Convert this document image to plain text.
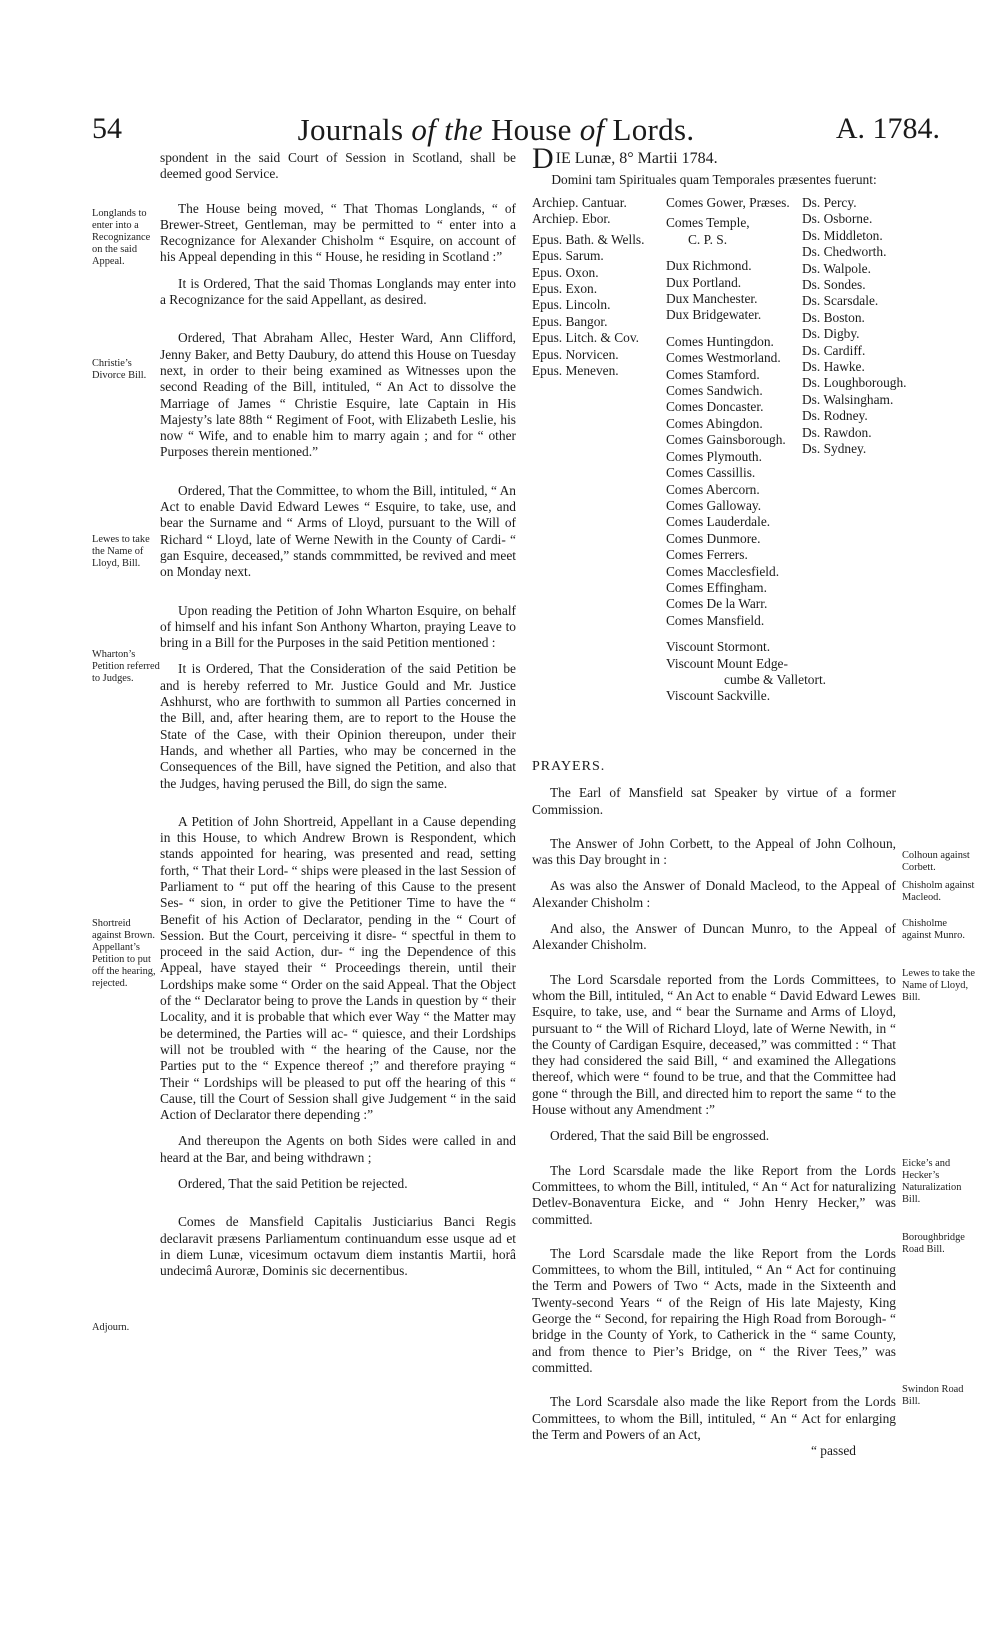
54	Journals of the House of Lords.	A. 1784.
Longlands to enter into a Recognizance on the said Appeal.
Christie’s Divorce Bill.
Lewes to take the Name of Lloyd, Bill.
Wharton’s Petition referred to Judges.
Shortreid against Brown. Appellant’s Petition to put off the hearing, rejected.
Adjourn.

spondent in the said Court of Session in Scotland, shall be deemed good Service.

The House being moved, “ That Thomas Longlands, “ of Brewer-Street, Gentleman, may be permitted to “ enter into a Recognizance for Alexander Chisholm “ Esquire, on account of his Appeal depending in this “ House, he residing in Scotland :”

It is Ordered, That the said Thomas Longlands may enter into a Recognizance for the said Appellant, as desired.

Ordered, That Abraham Allec, Hester Ward, Ann Clifford, Jenny Baker, and Betty Daubury, do attend this House on Tuesday next, in order to their being examined as Witnesses upon the second Reading of the Bill, intituled, “ An Act to dissolve the Marriage of James “ Christie Esquire, late Captain in His Majesty’s late 88th “ Regiment of Foot, with Elizabeth Leslie, his now “ Wife, and to enable him to marry again ; and for “ other Purposes therein mentioned.”

Ordered, That the Committee, to whom the Bill, intituled, “ An Act to enable David Edward Lewes “ Esquire, to take, use, and bear the Surname and “ Arms of Lloyd, pursuant to the Will of Richard “ Lloyd, late of Werne Newith in the County of Cardi- “ gan Esquire, deceased,” stands commmitted, be revived and meet on Monday next.

Upon reading the Petition of John Wharton Esquire, on behalf of himself and his infant Son Anthony Wharton, praying Leave to bring in a Bill for the Purposes in the said Petition mentioned :

It is Ordered, That the Consideration of the said Petition be and is hereby referred to Mr. Justice Gould and Mr. Justice Ashhurst, who are forthwith to summon all Parties concerned in the Bill, and, after hearing them, are to report to the House the State of the Case, with their Opinion thereupon, under their Hands, and whether all Parties, who may be concerned in the Consequences of the Bill, have signed the Petition, and also that the Judges, having perused the Bill, do sign the same.

A Petition of John Shortreid, Appellant in a Cause depending in this House, to which Andrew Brown is Respondent, which stands appointed for hearing, was presented and read, setting forth, “ That their Lord- “ ships were pleased in the last Session of Parliament to “ put off the hearing of this Cause to the present Ses- “ sion, in order to give the Petitioner Time to have the “ Benefit of his Action of Declarator, pending in the “ Court of Session. But the Court, perceiving it disre- “ spectful in them to proceed in the said Action, dur- “ ing the Dependence of this Appeal, have stayed their “ Proceedings therein, until their Lordships make some “ Order on the said Appeal. That the Object of the “ Declarator being to prove the Lands in question by “ their Locality, and it is probable that which ever Way “ the Matter may be determined, the Parties will ac- “ quiesce, and their Lordships will not be troubled with “ the hearing of the Cause, nor the Parties put to the “ Expence thereof ;” and therefore praying “ Their “ Lordships will be pleased to put off the hearing of this “ Cause, till the Court of Session shall give Judgement “ in the said Action of Declarator there depending :”

And thereupon the Agents on both Sides were called in and heard at the Bar, and being withdrawn ;

Ordered, That the said Petition be rejected.

Comes de Mansfield Capitalis Justiciarius Banci Regis declaravit præsens Parliamentum continuandum esse usque ad et in diem Lunæ, vicesimum octavum diem instantis Martii, horâ undecimâ Auroræ, Dominis sic decernentibus.

DIE Lunæ, 8° Martii 1784.
Domini tam Spirituales quam Temporales præsentes fuerunt:
Archiep. Cantuar.
Archiep. Ebor.
Epus. Bath. & Wells.
Epus. Sarum.
Epus. Oxon.
Epus. Exon.
Epus. Lincoln.
Epus. Bangor.
Epus. Litch. & Cov.
Epus. Norvicen.
Epus. Meneven.
Comes Gower, Præses.
Comes Temple,
C. P. S.
Dux Richmond.
Dux Portland.
Dux Manchester.
Dux Bridgewater.
Comes Huntingdon.
Comes Westmorland.
Comes Stamford.
Comes Sandwich.
Comes Doncaster.
Comes Abingdon.
Comes Gainsborough.
Comes Plymouth.
Comes Cassillis.
Comes Abercorn.
Comes Galloway.
Comes Lauderdale.
Comes Dunmore.
Comes Ferrers.
Comes Macclesfield.
Comes Effingham.
Comes De la Warr.
Comes Mansfield.
Viscount Stormont.
Viscount Mount Edge-
cumbe & Valletort.
Viscount Sackville.
Ds. Percy.
Ds. Osborne.
Ds. Middleton.
Ds. Chedworth.
Ds. Walpole.
Ds. Sondes.
Ds. Scarsdale.
Ds. Boston.
Ds. Digby.
Ds. Cardiff.
Ds. Hawke.
Ds. Loughborough.
Ds. Walsingham.
Ds. Rodney.
Ds. Rawdon.
Ds. Sydney.
PRAYERS.

The Earl of Mansfield sat Speaker by virtue of a former Commission.

The Answer of John Corbett, to the Appeal of John Colhoun, was this Day brought in :

As was also the Answer of Donald Macleod, to the Appeal of Alexander Chisholm :

And also, the Answer of Duncan Munro, to the Appeal of Alexander Chisholm.

The Lord Scarsdale reported from the Lords Committees, to whom the Bill, intituled, “ An Act to enable “ David Edward Lewes Esquire, to take, use, and “ bear the Surname and Arms of Lloyd, pursuant to “ the Will of Richard Lloyd, late of Werne Newith, in “ the County of Cardigan Esquire, deceased,” was committed : “ That they had considered the said Bill, “ and examined the Allegations thereof, which were “ found to be true, and that the Committee had gone “ through the Bill, and directed him to report the same “ to the House without any Amendment :”

Ordered, That the said Bill be engrossed.

The Lord Scarsdale made the like Report from the Lords Committees, to whom the Bill, intituled, “ An “ Act for naturalizing Detlev-Bonaventura Eicke, and “ John Henry Hecker,” was committed.

The Lord Scarsdale made the like Report from the Lords Committees, to whom the Bill, intituled, “ An “ Act for continuing the Term and Powers of Two “ Acts, made in the Sixteenth and Twenty-second Years “ of the Reign of His late Majesty, King George the “ Second, for repairing the High Road from Borough- “ bridge in the County of York, to Catherick in the “ same County, and from thence to Pier’s Bridge, on “ the River Tees,” was committed.

The Lord Scarsdale also made the like Report from the Lords Committees, to whom the Bill, intituled, “ An “ Act for enlarging the Term and Powers of an Act,

“ passed
Colhoun against Corbett.
Chisholm against Macleod.
Chisholme against Munro.
Lewes to take the Name of Lloyd, Bill.
Eicke’s and Hecker’s Naturalization Bill.
Boroughbridge Road Bill.
Swindon Road Bill.
